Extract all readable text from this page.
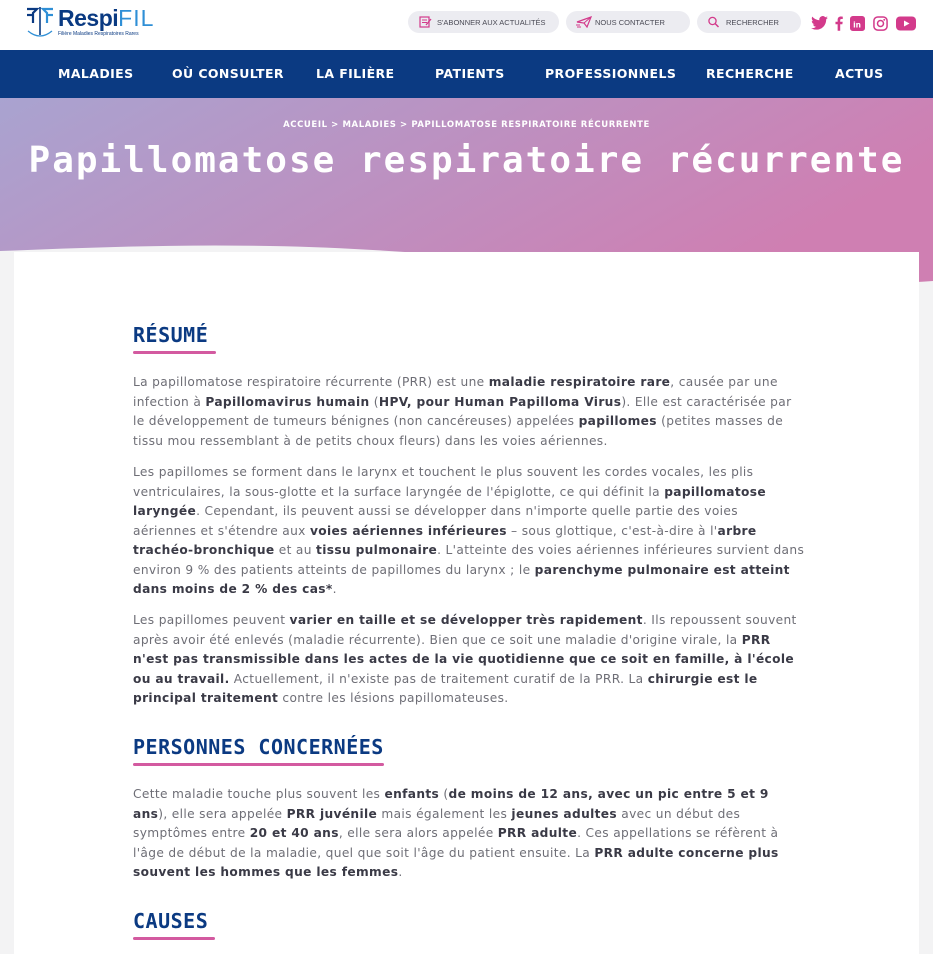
RespiFIL
Filière Maladies Respiratoires Rares
S'ABONNER AUX ACTUALITÉS	NOUS CONTACTER	RECHERCHER	in
MALADIES	OÙ CONSULTER	LA FILIÈRE	PATIENTS	PROFESSIONNELS RECHERCHE	ACTUS
ACCUEIL > MALADIES > PAPILLOMATOSE RESPIRATOIRE RÉCURRENTE
Papillomatose respiratoire récurrente
RÉSUMÉ

La papillomatose respiratoire récurrente (PRR) est une maladie respiratoire rare, causée par une infection à Papillomavirus humain (HPV, pour Human Papilloma Virus). Elle est caractérisée par le développement de tumeurs bénignes (non cancéreuses) appelées papillomes (petites masses de tissu mou ressemblant à de petits choux fleurs) dans les voies aériennes.

Les papillomes se forment dans le larynx et touchent le plus souvent les cordes vocales, les plis ventriculaires, la sous-glotte et la surface laryngée de l'épiglotte, ce qui définit la papillomatose laryngée. Cependant, ils peuvent aussi se développer dans n'importe quelle partie des voies aériennes et s'étendre aux voies aériennes inférieures – sous glottique, c'est-à-dire à l'arbre trachéo-bronchique et au tissu pulmonaire. L'atteinte des voies aériennes inférieures survient dans environ 9 % des patients atteints de papillomes du larynx ; le parenchyme pulmonaire est atteint dans moins de 2 % des cas*.

Les papillomes peuvent varier en taille et se développer très rapidement. Ils repoussent souvent après avoir été enlevés (maladie récurrente). Bien que ce soit une maladie d'origine virale, la PRR n'est pas transmissible dans les actes de la vie quotidienne que ce soit en famille, à l'école ou au travail. Actuellement, il n'existe pas de traitement curatif de la PRR. La chirurgie est le principal traitement contre les lésions papillomateuses.

PERSONNES CONCERNÉES

Cette maladie touche plus souvent les enfants (de moins de 12 ans, avec un pic entre 5 et 9 ans), elle sera appelée PRR juvénile mais également les jeunes adultes avec un début des symptômes entre 20 et 40 ans, elle sera alors appelée PRR adulte. Ces appellations se réfèrent à l'âge de début de la maladie, quel que soit l'âge du patient ensuite. La PRR adulte concerne plus souvent les hommes que les femmes.

CAUSES
